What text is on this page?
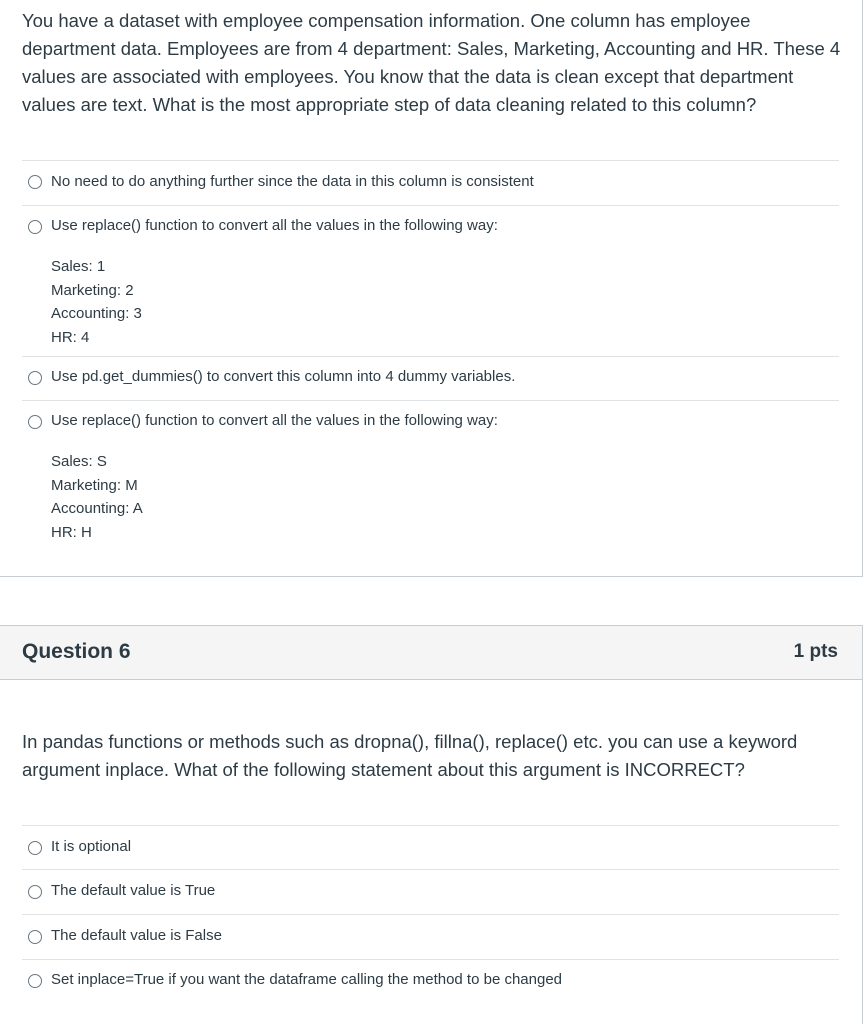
You have a dataset with employee compensation information. One column has employee department data. Employees are from 4 department: Sales, Marketing, Accounting and HR. These 4 values are associated with employees. You know that the data is clean except that department values are text. What is the most appropriate step of data cleaning related to this column?
No need to do anything further since the data in this column is consistent
Use replace() function to convert all the values in the following way:
Sales: 1
Marketing: 2
Accounting: 3
HR: 4
Use pd.get_dummies() to convert this column into 4 dummy variables.
Use replace() function to convert all the values in the following way:
Sales: S
Marketing: M
Accounting: A
HR: H
Question 6	1 pts
In pandas functions or methods such as dropna(), fillna(), replace() etc. you can use a keyword argument inplace. What of the following statement about this argument is INCORRECT?
It is optional
The default value is True
The default value is False
Set inplace=True if you want the dataframe calling the method to be changed
